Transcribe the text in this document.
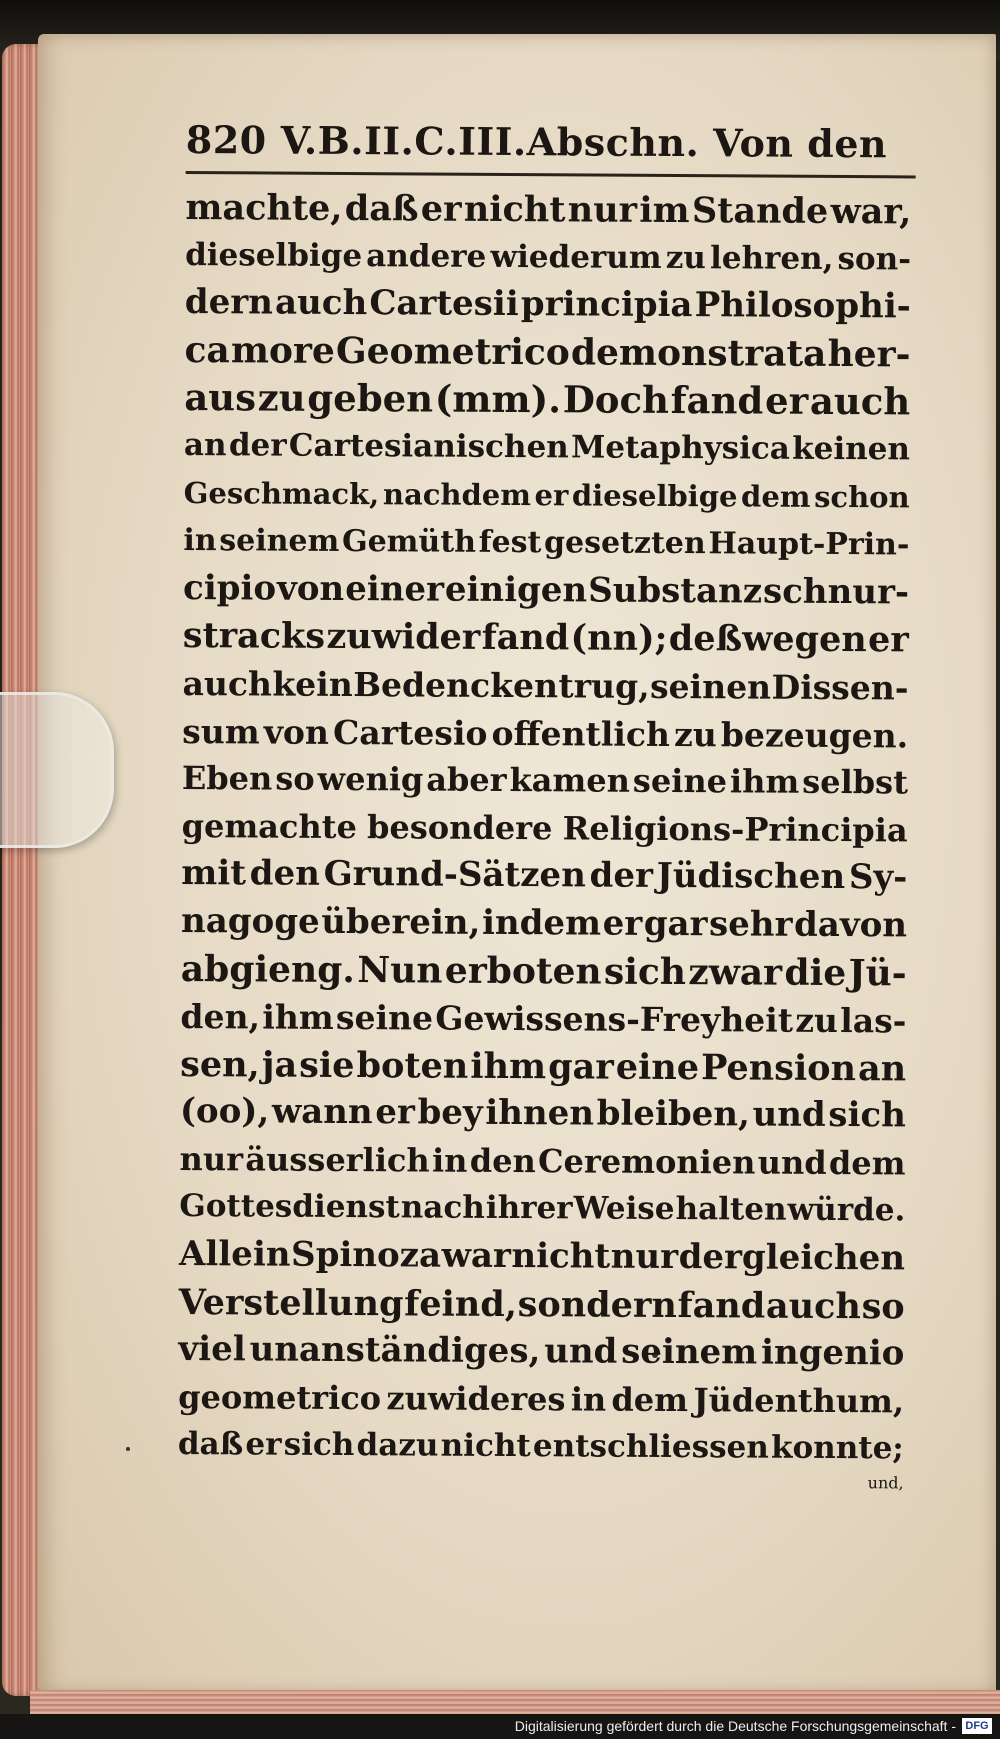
820 V.B.II.C.III.Abschn. Von den
machte, daß er nicht nur im Stande war,
dieselbige andere wiederum zu lehren, son-
dern auch Cartesii principia Philosophi-
ca more Geometrico demonstrata her-
aus zu geben (mm). Doch fand er auch
an der Cartesianischen Metaphysica keinen
Geschmack, nachdem er dieselbige dem schon
in seinem Gemüth fest gesetzten Haupt-Prin-
cipio von einer einigen Substanz schnur-
stracks zuwider fand (nn); deßwegen er
auch kein Bedencken trug, seinen Dissen-
sum von Cartesio offentlich zu bezeugen.
Eben so wenig aber kamen seine ihm selbst
gemachte besondere Religions-Principia
mit den Grund-Sätzen der Jüdischen Sy-
nagoge überein, indem er gar sehr davon
abgieng. Nun erboten sich zwar die Jü-
den, ihm seine Gewissens-Freyheit zu las-
sen, ja sie boten ihm gar eine Pension an
(oo), wann er bey ihnen bleiben, und sich
nur äusserlich in den Ceremonien und dem
Gottesdienst nach ihrer Weise halten würde.
Allein Spinoza war nicht nur dergleichen
Verstellung feind, sondern fand auch so
viel unanständiges, und seinem ingenio
geometrico zuwideres in dem Jüdenthum,
daß er sich dazu nicht entschliessen konnte;
und,
Digitalisierung gefördert durch die Deutsche Forschungsgemeinschaft - DFG
